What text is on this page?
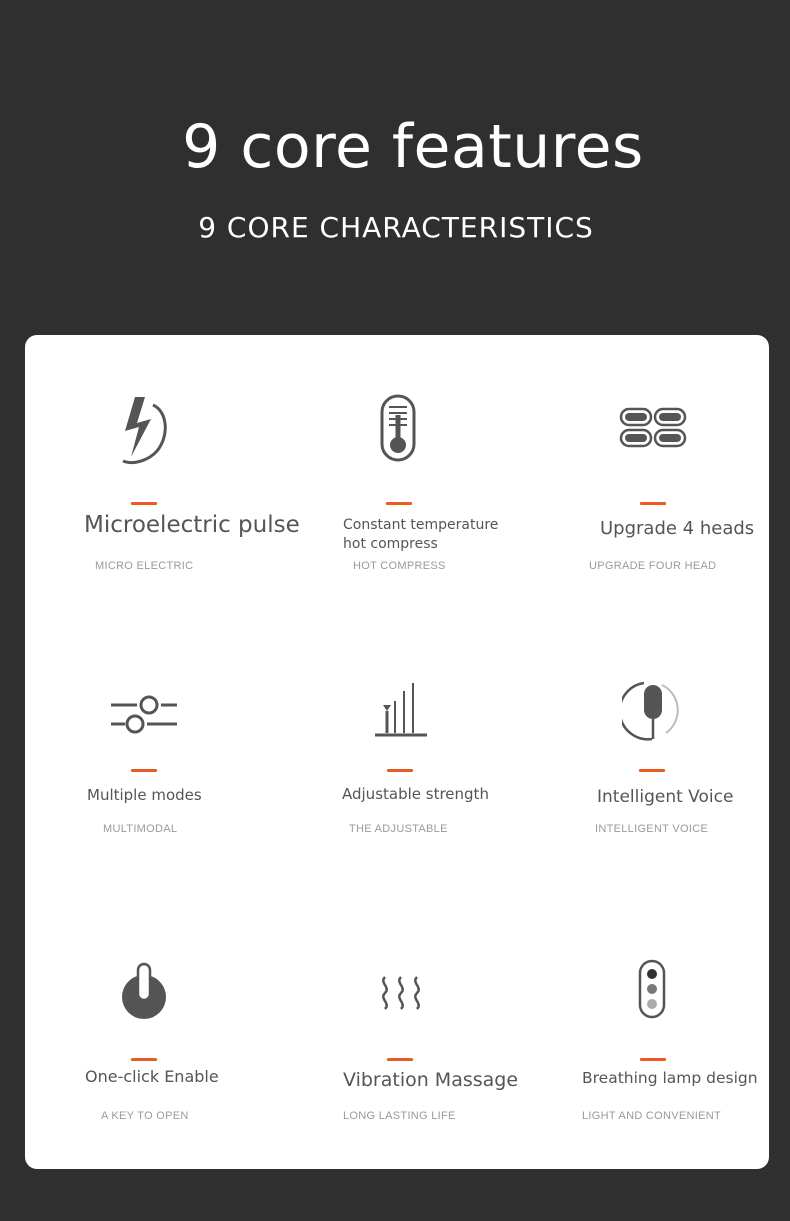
9 core features
9 CORE CHARACTERISTICS
Microelectric pulse
MICRO ELECTRIC
Constant temperature
hot compress
HOT COMPRESS
Upgrade 4 heads
UPGRADE FOUR HEAD
Multiple modes
MULTIMODAL
Adjustable strength
THE ADJUSTABLE
Intelligent Voice
INTELLIGENT VOICE
One-click Enable
A KEY TO OPEN
Vibration Massage
LONG LASTING LIFE
Breathing lamp design
LIGHT AND CONVENIENT
